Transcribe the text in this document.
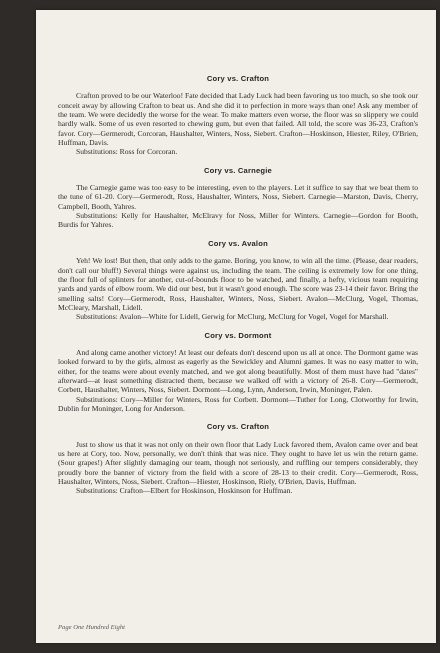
Cory vs. Crafton

Crafton proved to be our Waterloo! Fate decided that Lady Luck had been favoring us too much, so she took our conceit away by allowing Crafton to beat us. And she did it to perfection in more ways than one! Ask any member of the team. We were decidedly the worse for the wear. To make matters even worse, the floor was so slippery we could hardly walk. Some of us even resorted to chewing gum, but even that failed. All told, the score was 36-23, Crafton's favor. Cory—Germerodt, Corcoran, Haushalter, Winters, Noss, Siebert. Crafton—Hoskinson, Hiester, Riley, O'Brien, Huffman, Davis.

Substitutions: Ross for Corcoran.

Cory vs. Carnegie

The Carnegie game was too easy to be interesting, even to the players. Let it suffice to say that we beat them to the tune of 61-20. Cory—Germerodt, Ross, Haushalter, Winters, Noss, Siebert. Carnegie—Marston, Davis, Cherry, Campbell, Booth, Yahres.

Substitutions: Kelly for Haushalter, McElravy for Noss, Miller for Winters. Carnegie—Gordon for Booth, Burdis for Yahres.

Cory vs. Avalon

Yeh! We lost! But then, that only adds to the game. Boring, you know, to win all the time. (Please, dear readers, don't call our bluff!) Several things were against us, including the team. The ceiling is extremely low for one thing, the floor full of splinters for another, cut-of-bounds floor to be watched, and finally, a hefty, vicious team requiring yards and yards of elbow room. We did our best, but it wasn't good enough. The score was 23-14 their favor. Bring the smelling salts! Cory—Germerodt, Ross, Haushalter, Winters, Noss, Siebert. Avalon—McClurg, Vogel, Thomas, McCleary, Marshall, Lidell.

Substitutions: Avalon—White for Lidell, Gerwig for McClurg, McClurg for Vogel, Vogel for Marshall.

Cory vs. Dormont

And along came another victory! At least our defeats don't descend upon us all at once. The Dormont game was looked forward to by the girls, almost as eagerly as the Sewickley and Alumni games. It was no easy matter to win, either, for the teams were about evenly matched, and we got along beautifully. Most of them must have had "dates" afterward—at least something distracted them, because we walked off with a victory of 26-8. Cory—Germerodt, Corbett, Haushalter, Winters, Noss, Siebert. Dormont—Long, Lynn, Anderson, Irwin, Moninger, Palen.

Substitutions: Cory—Miller for Winters, Ross for Corbett. Dormont—Tuther for Long, Clotworthy for Irwin, Dublin for Moninger, Long for Anderson.

Cory vs. Crafton

Just to show us that it was not only on their own floor that Lady Luck favored them, Avalon came over and beat us here at Cory, too. Now, personally, we don't think that was nice. They ought to have let us win the return game. (Sour grapes!) After slightly damaging our team, though not seriously, and ruffling our tempers considerably, they proudly bore the banner of victory from the field with a score of 28-13 to their credit. Cory—Germerodt, Ross, Haushalter, Winters, Noss, Siebert. Crafton—Hiester, Hoskinson, Riely, O'Brien, Davis, Huffman.

Substitutions: Crafton—Elbert for Hoskinson, Hoskinson for Huffman.

Page One Hundred Eight
